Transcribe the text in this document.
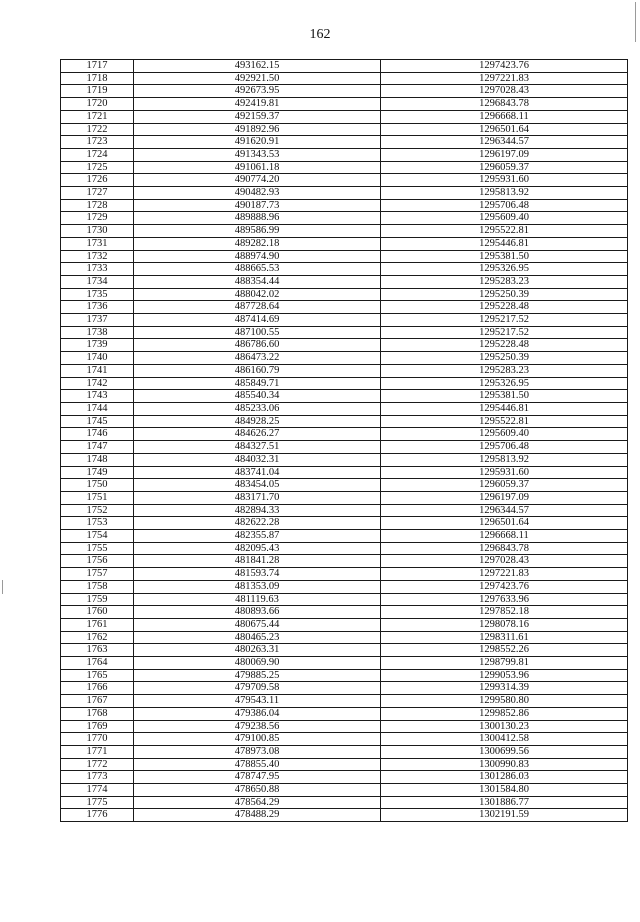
162
1717	493162.15	1297423.76
1718	492921.50	1297221.83
1719	492673.95	1297028.43
1720	492419.81	1296843.78
1721	492159.37	1296668.11
1722	491892.96	1296501.64
1723	491620.91	1296344.57
1724	491343.53	1296197.09
1725	491061.18	1296059.37
1726	490774.20	1295931.60
1727	490482.93	1295813.92
1728	490187.73	1295706.48
1729	489888.96	1295609.40
1730	489586.99	1295522.81
1731	489282.18	1295446.81
1732	488974.90	1295381.50
1733	488665.53	1295326.95
1734	488354.44	1295283.23
1735	488042.02	1295250.39
1736	487728.64	1295228.48
1737	487414.69	1295217.52
1738	487100.55	1295217.52
1739	486786.60	1295228.48
1740	486473.22	1295250.39
1741	486160.79	1295283.23
1742	485849.71	1295326.95
1743	485540.34	1295381.50
1744	485233.06	1295446.81
1745	484928.25	1295522.81
1746	484626.27	1295609.40
1747	484327.51	1295706.48
1748	484032.31	1295813.92
1749	483741.04	1295931.60
1750	483454.05	1296059.37
1751	483171.70	1296197.09
1752	482894.33	1296344.57
1753	482622.28	1296501.64
1754	482355.87	1296668.11
1755	482095.43	1296843.78
1756	481841.28	1297028.43
1757	481593.74	1297221.83
1758	481353.09	1297423.76
1759	481119.63	1297633.96
1760	480893.66	1297852.18
1761	480675.44	1298078.16
1762	480465.23	1298311.61
1763	480263.31	1298552.26
1764	480069.90	1298799.81
1765	479885.25	1299053.96
1766	479709.58	1299314.39
1767	479543.11	1299580.80
1768	479386.04	1299852.86
1769	479238.56	1300130.23
1770	479100.85	1300412.58
1771	478973.08	1300699.56
1772	478855.40	1300990.83
1773	478747.95	1301286.03
1774	478650.88	1301584.80
1775	478564.29	1301886.77
1776	478488.29	1302191.59
